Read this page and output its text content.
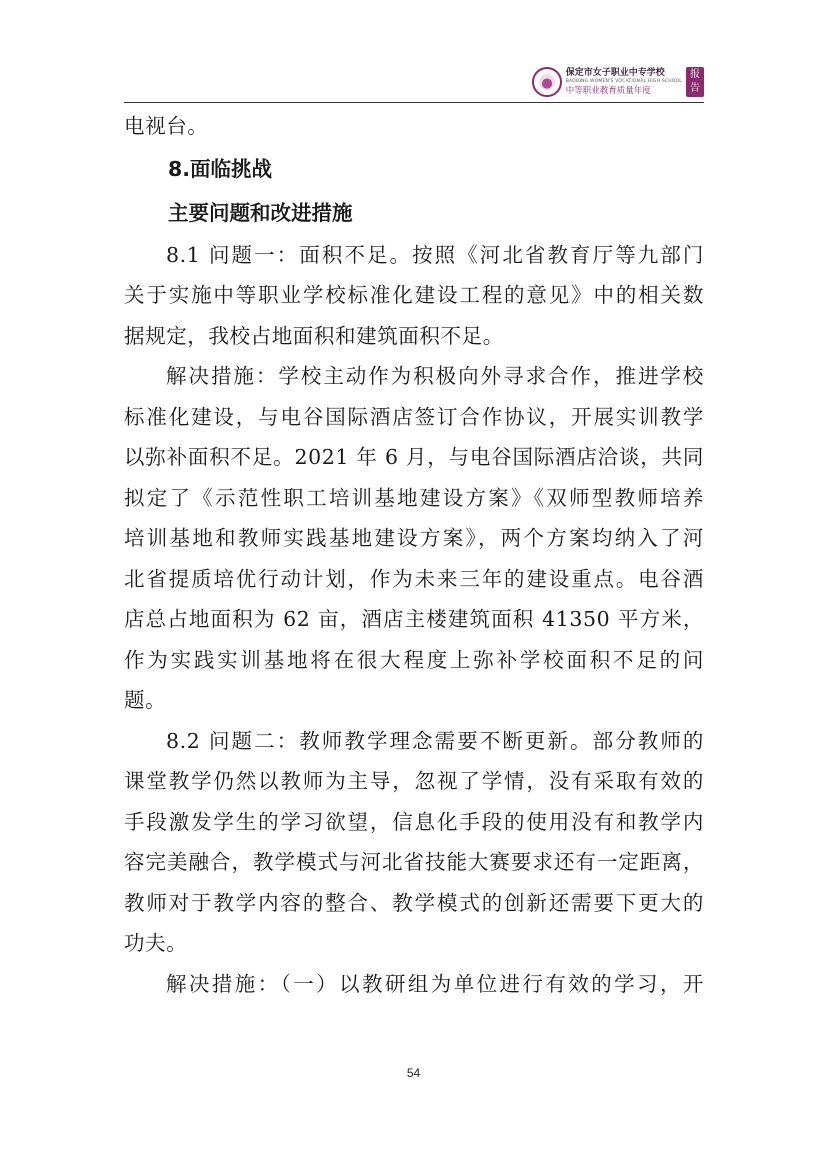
保定市女子职业中专学校
BAODING WOMEN'S VOCATIONAL HIGH SCHOOL
中等职业教育质量年度
报
告
电视台。
8.面临挑战
主要问题和改进措施
8.1 问题一：面积不足。按照《河北省教育厅等九部门
关于实施中等职业学校标准化建设工程的意见》中的相关数
据规定，我校占地面积和建筑面积不足。
解决措施：学校主动作为积极向外寻求合作，推进学校
标准化建设，与电谷国际酒店签订合作协议，开展实训教学
以弥补面积不足。2021 年 6 月，与电谷国际酒店洽谈，共同
拟定了《示范性职工培训基地建设方案》《双师型教师培养
培训基地和教师实践基地建设方案》，两个方案均纳入了河
北省提质培优行动计划，作为未来三年的建设重点。电谷酒
店总占地面积为 62 亩，酒店主楼建筑面积 41350 平方米，
作为实践实训基地将在很大程度上弥补学校面积不足的问
题。
8.2 问题二：教师教学理念需要不断更新。部分教师的
课堂教学仍然以教师为主导，忽视了学情，没有采取有效的
手段激发学生的学习欲望，信息化手段的使用没有和教学内
容完美融合，教学模式与河北省技能大赛要求还有一定距离，
教师对于教学内容的整合、教学模式的创新还需要下更大的
功夫。
解决措施：（一）以教研组为单位进行有效的学习，开
54
